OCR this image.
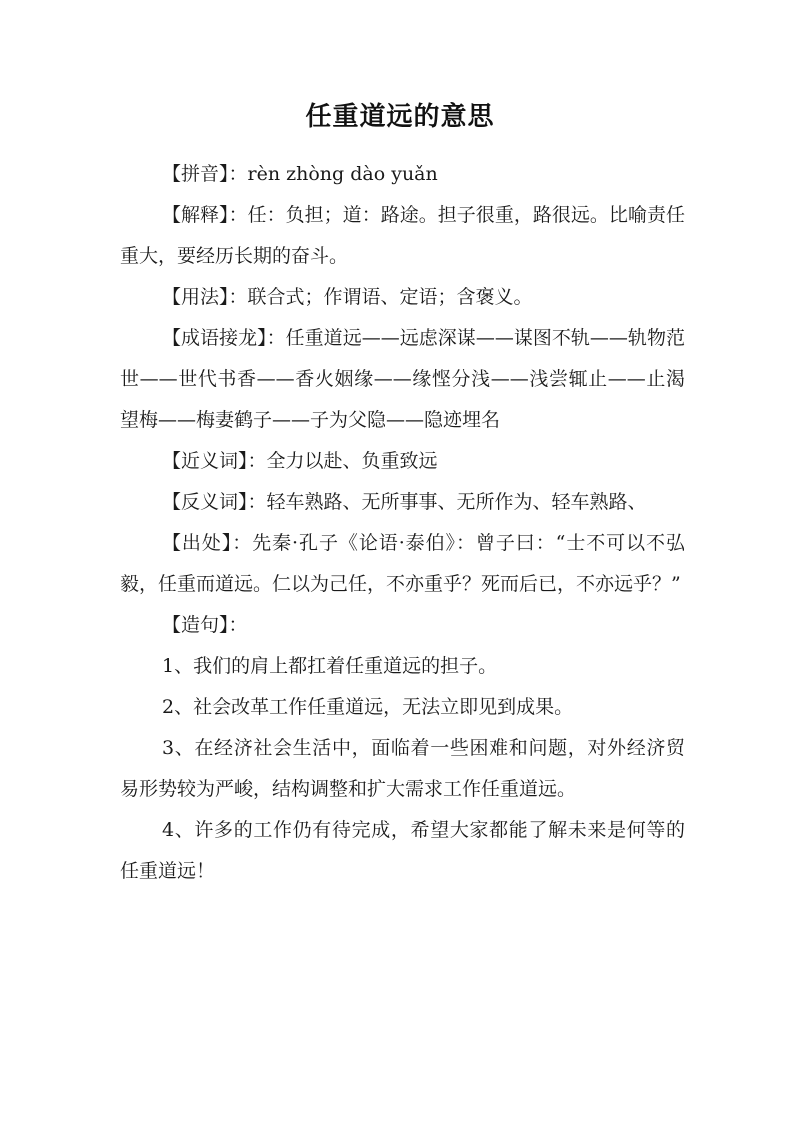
任重道远的意思

【拼音】：rèn zhòng dào yuǎn

【解释】：任：负担；道：路途。担子很重，路很远。比喻责任重大，要经历长期的奋斗。

【用法】：联合式；作谓语、定语；含褒义。

【成语接龙】：任重道远——远虑深谋——谋图不轨——轨物范世——世代书香——香火姻缘——缘悭分浅——浅尝辄止——止渴望梅——梅妻鹤子——子为父隐——隐迹埋名

【近义词】：全力以赴、负重致远

【反义词】：轻车熟路、无所事事、无所作为、轻车熟路、

【出处】：先秦·孔子《论语·泰伯》：曾子曰：“士不可以不弘毅，任重而道远。仁以为己任，不亦重乎？死而后已，不亦远乎？”

【造句】：

1、我们的肩上都扛着任重道远的担子。

2、社会改革工作任重道远，无法立即见到成果。

3、在经济社会生活中，面临着一些困难和问题，对外经济贸易形势较为严峻，结构调整和扩大需求工作任重道远。

4、许多的工作仍有待完成，希望大家都能了解未来是何等的任重道远！
